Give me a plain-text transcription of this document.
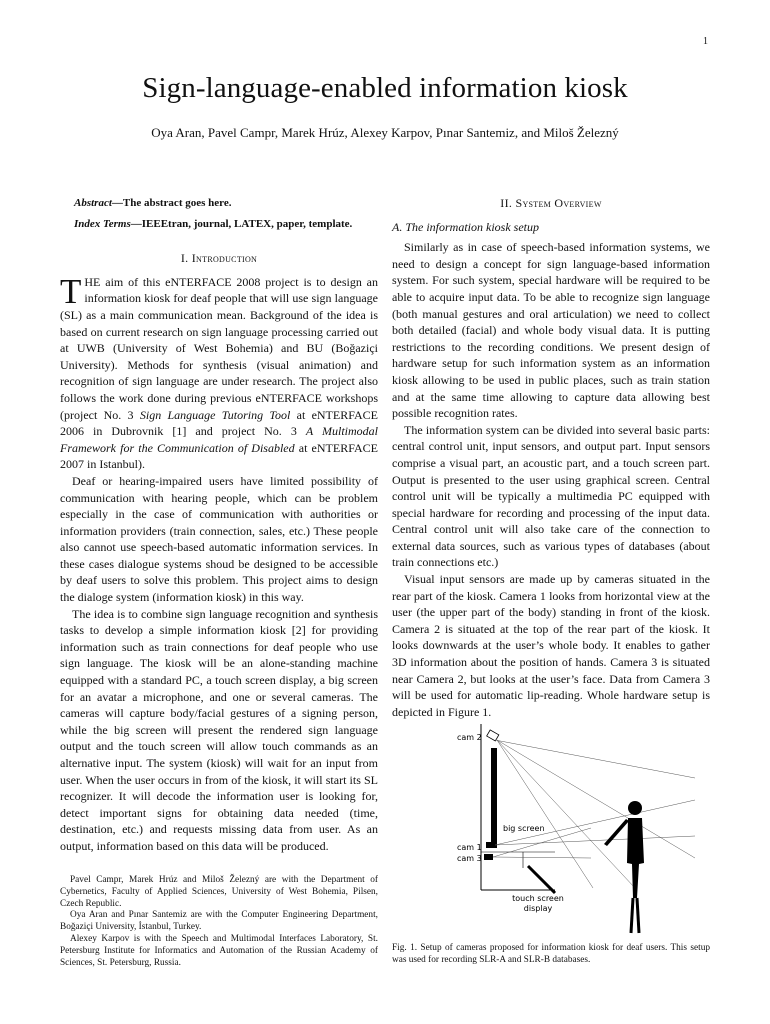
1
Sign-language-enabled information kiosk
Oya Aran, Pavel Campr, Marek Hrúz, Alexey Karpov, Pınar Santemiz, and Miloš Železný
Abstract—The abstract goes here.
Index Terms—IEEEtran, journal, LATEX, paper, template.
I. Introduction

THE aim of this eNTERFACE 2008 project is to design an information kiosk for deaf people that will use sign language (SL) as a main communication mean. Background of the idea is based on current research on sign language processing carried out at UWB (University of West Bohemia) and BU (Boğaziçi University). Methods for synthesis (visual animation) and recognition of sign language are under research. The project also follows the work done during previous eNTERFACE workshops (project No. 3 Sign Language Tutoring Tool at eNTERFACE 2006 in Dubrovnik [1] and project No. 3 A Multimodal Framework for the Communication of Disabled at eNTERFACE 2007 in Istanbul).

Deaf or hearing-impaired users have limited possibility of communication with hearing people, which can be problem especially in the case of communication with authorities or information providers (train connection, sales, etc.) These people also cannot use speech-based automatic information services. In these cases dialogue systems shoud be designed to be accessible by deaf users to solve this problem. This project aims to design the dialoge system (information kiosk) in this way.

The idea is to combine sign language recognition and synthesis tasks to develop a simple information kiosk [2] for providing information such as train connections for deaf people who use sign language. The kiosk will be an alone-standing machine equipped with a standard PC, a touch screen display, a big screen for an avatar a microphone, and one or several cameras. The cameras will capture body/facial gestures of a signing person, while the big screen will present the rendered sign language output and the touch screen will allow touch commands as an alternative input. The system (kiosk) will wait for an input from user. When the user occurs in from of the kiosk, it will start its SL recognizer. It will decode the information user is looking for, detect important signs for obtaining data needed (time, destination, etc.) and requests missing data from user. As an output, information based on this data will be produced.

II. System Overview
A. The information kiosk setup

Similarly as in case of speech-based information systems, we need to design a concept for sign language-based information system. For such system, special hardware will be required to be able to acquire input data. To be able to recognize sign language (both manual gestures and oral articulation) we need to collect both detailed (facial) and whole body visual data. It is putting restrictions to the recording conditions. We present design of hardware setup for such information system as an information kiosk allowing to be used in public places, such as train station and at the same time allowing to capture data allowing best possible recognition rates.

The information system can be divided into several basic parts: central control unit, input sensors, and output part. Input sensors comprise a visual part, an acoustic part, and a touch screen part. Output is presented to the user using graphical screen. Central control unit will be typically a multimedia PC equipped with special hardware for recording and processing of the input data. Central control unit will also take care of the connection to external data sources, such as various types of databases (about train connections etc.)

Visual input sensors are made up by cameras situated in the rear part of the kiosk. Camera 1 looks from horizontal view at the user (the upper part of the body) standing in front of the kiosk. Camera 2 is situated at the top of the rear part of the kiosk. It looks downwards at the user’s whole body. It enables to gather 3D information about the position of hands. Camera 3 is situated near Camera 2, but looks at the user’s face. Data from Camera 3 will be used for automatic lip-reading. Whole hardware setup is depicted in Figure 1.

Pavel Campr, Marek Hrúz and Miloš Železný are with the Department of Cybernetics, Faculty of Applied Sciences, University of West Bohemia, Pilsen, Czech Republic.

Oya Aran and Pınar Santemiz are with the Computer Engineering Department, Boğaziçi University, İstanbul, Turkey.

Alexey Karpov is with the Speech and Multimodal Interfaces Laboratory, St. Petersburg Institute for Informatics and Automation of the Russian Academy of Sciences, St. Petersburg, Russia.

cam 2
big screen
cam 1
cam 3
touch screen
display
Fig. 1. Setup of cameras proposed for information kiosk for deaf users. This setup was used for recording SLR-A and SLR-B databases.
